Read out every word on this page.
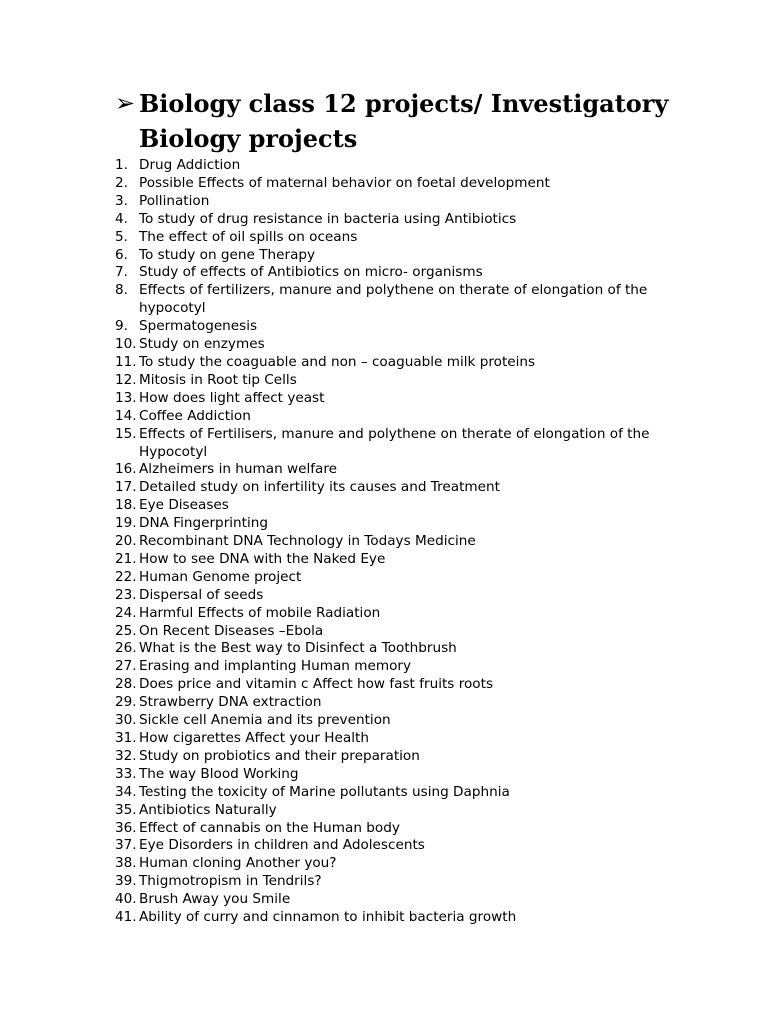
➢ Biology class 12 projects/ Investigatory Biology projects
1. Drug Addiction
2. Possible Effects of maternal behavior on foetal development
3. Pollination
4. To study of drug resistance in bacteria using Antibiotics
5. The effect of oil spills on oceans
6. To study on gene Therapy
7. Study of effects of Antibiotics on micro- organisms
8. Effects of fertilizers, manure and polythene on therate of elongation of the hypocotyl
9. Spermatogenesis
10. Study on enzymes
11. To study the coaguable and non – coaguable milk proteins
12. Mitosis in Root tip Cells
13. How does light affect yeast
14. Coffee Addiction
15. Effects of Fertilisers, manure and polythene on therate of elongation of the Hypocotyl
16. Alzheimers in human welfare
17. Detailed study on infertility its causes and Treatment
18. Eye Diseases
19. DNA Fingerprinting
20. Recombinant DNA Technology in Todays Medicine
21. How to see DNA with the Naked Eye
22. Human Genome project
23. Dispersal of seeds
24. Harmful Effects of mobile Radiation
25. On Recent Diseases –Ebola
26. What is the Best way to Disinfect a Toothbrush
27. Erasing and implanting Human memory
28. Does price and vitamin c Affect how fast fruits roots
29. Strawberry DNA extraction
30. Sickle cell Anemia and its prevention
31. How cigarettes Affect your Health
32. Study on probiotics and their preparation
33. The way Blood Working
34. Testing the toxicity of Marine pollutants using Daphnia
35. Antibiotics Naturally
36. Effect of cannabis on the Human body
37. Eye Disorders in children and Adolescents
38. Human cloning Another you?
39. Thigmotropism in Tendrils?
40. Brush Away you Smile
41. Ability of curry and cinnamon to inhibit bacteria growth
